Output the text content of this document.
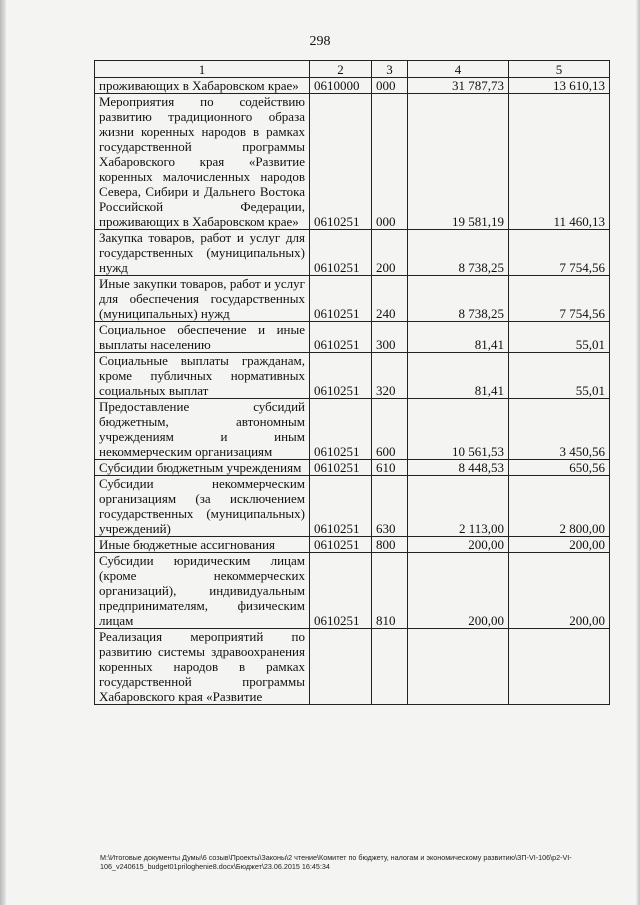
298
1	2	3	4	5
проживающих в Хабаровском крае»	0610000	000	31 787,73	13 610,13
Мероприятия по содействию развитию традиционного образа жизни коренных народов в рамках государственной программы Хабаровского края «Развитие коренных малочисленных народов Севера, Сибири и Дальнего Востока Российской Федерации, проживающих в Хабаровском крае»	0610251	000	19 581,19	11 460,13
Закупка товаров, работ и услуг для государственных (муниципальных) нужд	0610251	200	8 738,25	7 754,56
Иные закупки товаров, работ и услуг для обеспечения государственных (муниципальных) нужд	0610251	240	8 738,25	7 754,56
Социальное обеспечение и иные выплаты населению	0610251	300	81,41	55,01
Социальные выплаты гражданам, кроме публичных нормативных социальных выплат	0610251	320	81,41	55,01
Предоставление субсидий бюджетным, автономным учреждениям и иным некоммерческим организациям	0610251	600	10 561,53	3 450,56
Субсидии бюджетным учреждениям	0610251	610	8 448,53	650,56
Субсидии некоммерческим организациям (за исключением государственных (муниципальных) учреждений)	0610251	630	2 113,00	2 800,00
Иные бюджетные ассигнования	0610251	800	200,00	200,00
Субсидии юридическим лицам (кроме некоммерческих организаций), индивидуальным предпринимателям, физическим лицам	0610251	810	200,00	200,00
Реализация мероприятий по развитию системы здравоохранения коренных народов в рамках государственной программы Хабаровского края «Развитие				
M:\Итоговые документы Думы\6 созыв\Проекты\Законы\2 чтение\Комитет по бюджету, налогам и экономическому развитию\ЗП-VI-106\p2-VI-106_v240615_budget01priloghenie8.docx\Бюджет\23.06.2015 16:45:34
